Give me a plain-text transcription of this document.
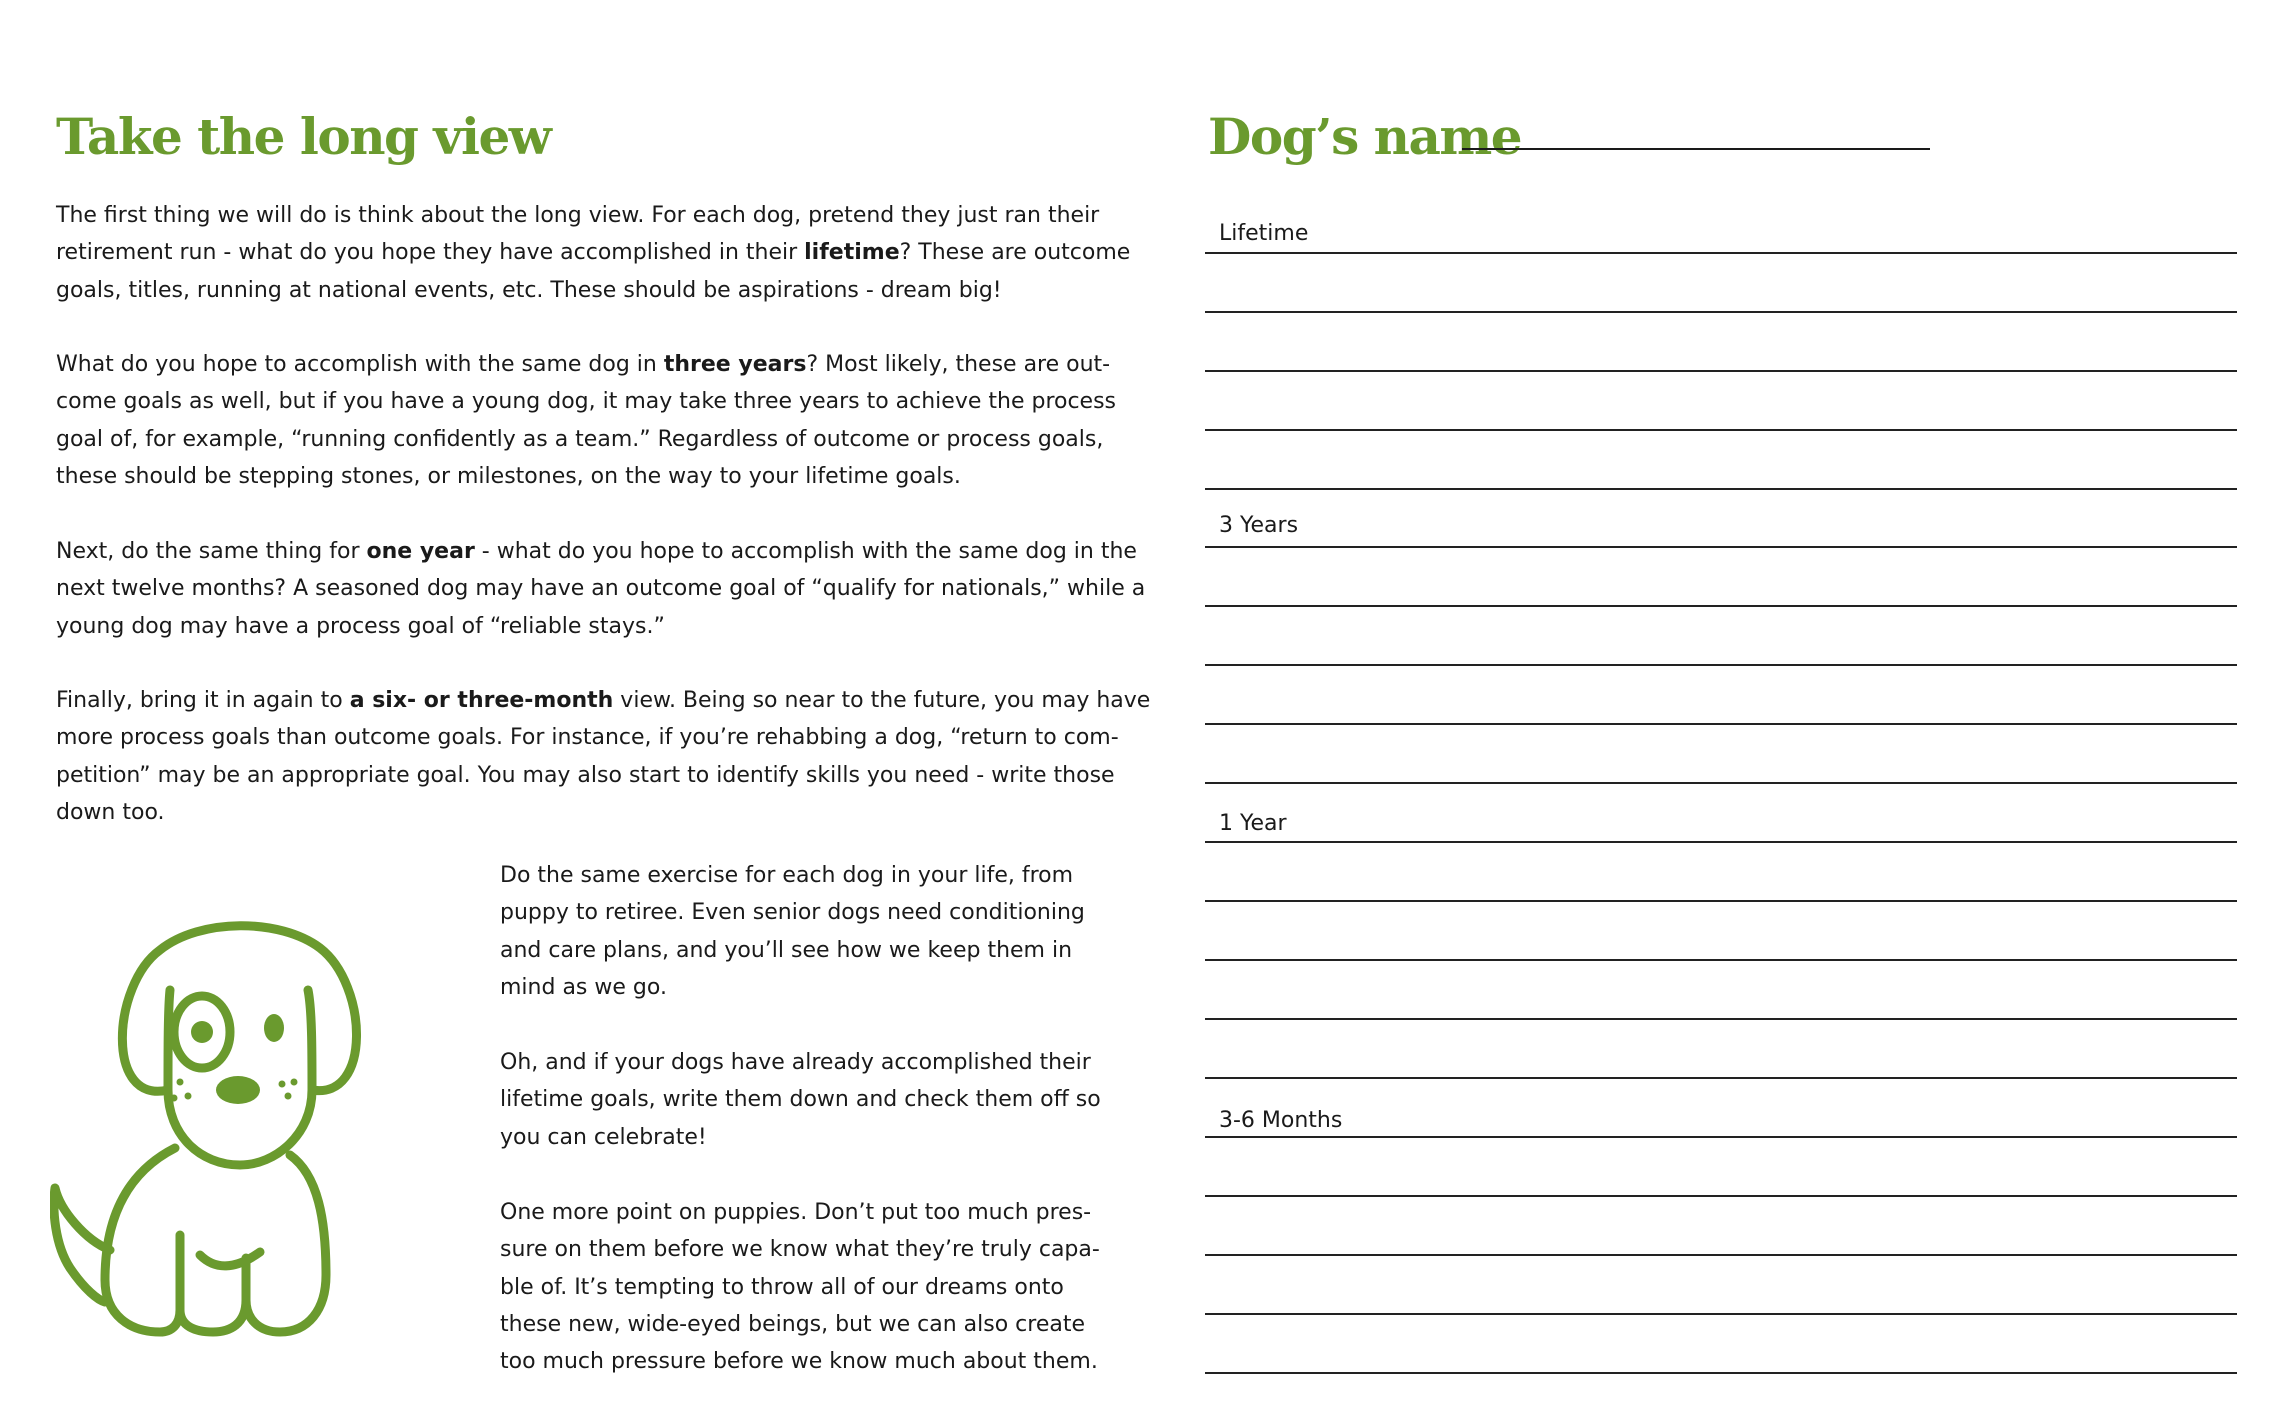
Take the long view

The first thing we will do is think about the long view. For each dog, pretend they just ran their
retirement run - what do you hope they have accomplished in their lifetime? These are outcome
goals, titles, running at national events, etc. These should be aspirations - dream big!

What do you hope to accomplish with the same dog in three years? Most likely, these are out-
come goals as well, but if you have a young dog, it may take three years to achieve the process
goal of, for example, “running confidently as a team.” Regardless of outcome or process goals,
these should be stepping stones, or milestones, on the way to your lifetime goals.

Next, do the same thing for one year - what do you hope to accomplish with the same dog in the
next twelve months? A seasoned dog may have an outcome goal of “qualify for nationals,” while a
young dog may have a process goal of “reliable stays.”

Finally, bring it in again to a six- or three-month view. Being so near to the future, you may have
more process goals than outcome goals. For instance, if you’re rehabbing a dog, “return to com-
petition” may be an appropriate goal. You may also start to identify skills you need - write those
down too.

Do the same exercise for each dog in your life, from
puppy to retiree. Even senior dogs need conditioning
and care plans, and you’ll see how we keep them in
mind as we go.

Oh, and if your dogs have already accomplished their
lifetime goals, write them down and check them off so
you can celebrate!

One more point on puppies. Don’t put too much pres-
sure on them before we know what they’re truly capa-
ble of. It’s tempting to throw all of our dreams onto
these new, wide-eyed beings, but we can also create
too much pressure before we know much about them.

Dog’s name
Lifetime
3 Years
1 Year
3-6 Months
